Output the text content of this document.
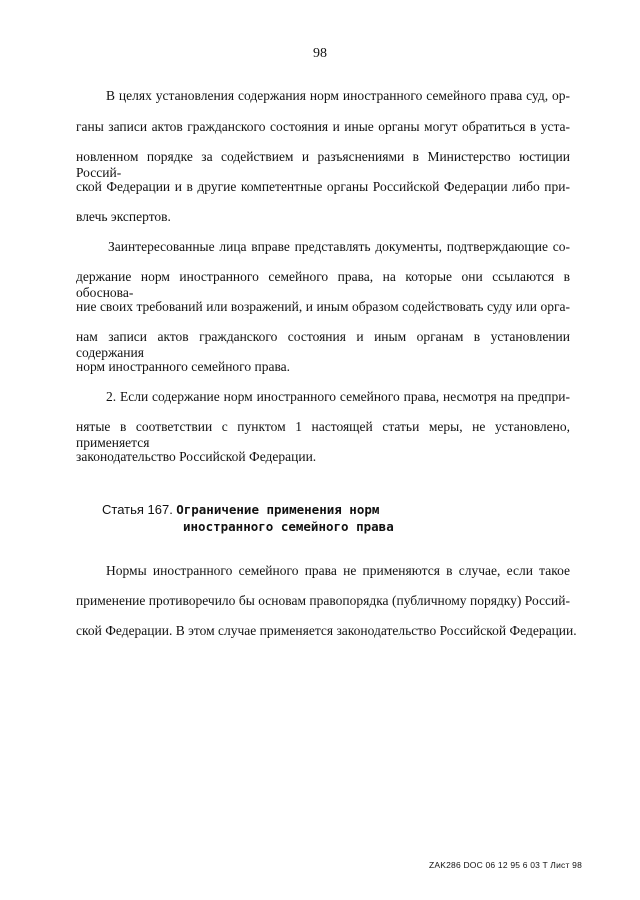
98
В целях установления содержания норм иностранного семейного права суд, ор-
ганы записи актов гражданского состояния и иные органы могут обратиться в уста-
новленном порядке за содействием и разъяснениями в Министерство юстиции Россий-
ской Федерации и в другие компетентные органы Российской Федерации либо при-
влечь экспертов.
Заинтересованные лица вправе представлять документы, подтверждающие со-
держание норм иностранного семейного права, на которые они ссылаются в обоснова-
ние своих требований или возражений, и иным образом содействовать суду или орга-
нам записи актов гражданского состояния и иным органам в установлении содержания
норм иностранного семейного права.
2. Если содержание норм иностранного семейного права, несмотря на предпри-
нятые в соответствии с пунктом 1 настоящей статьи меры, не установлено, применяется
законодательство Российской Федерации.
Статья 167. Ограничение применения норм
иностранного семейного права
Нормы иностранного семейного права не применяются в случае, если такое
применение противоречило бы основам правопорядка (публичному порядку) Россий-
ской Федерации. В этом случае применяется законодательство Российской Федерации.
ZAK286 DOC 06 12 95 6 03 T Лист 98
